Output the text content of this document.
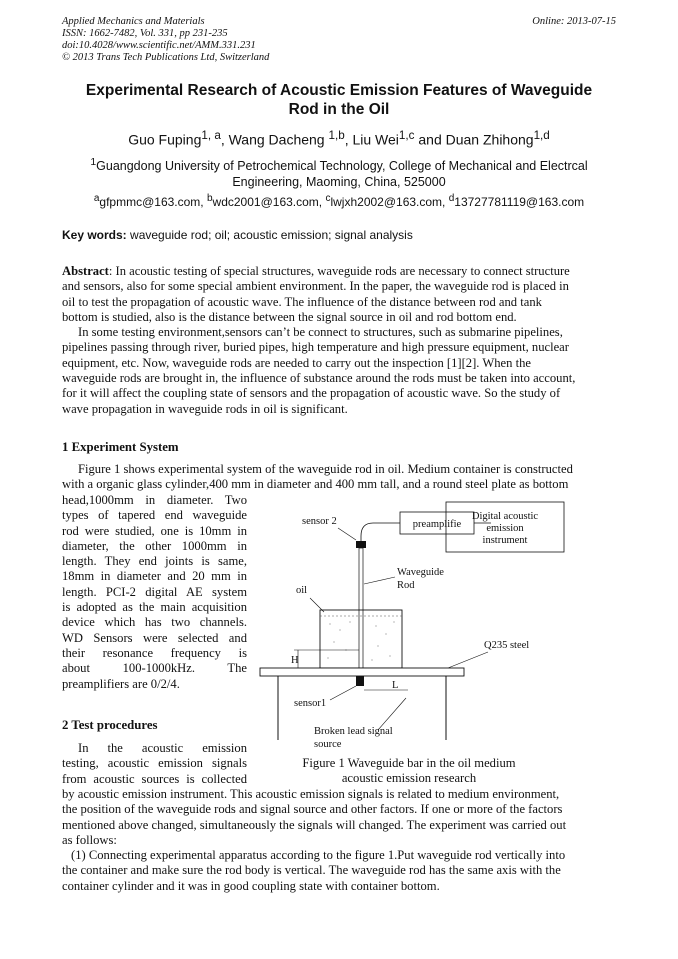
Applied Mechanics and Materials
ISSN: 1662-7482, Vol. 331, pp 231-235
doi:10.4028/www.scientific.net/AMM.331.231
© 2013 Trans Tech Publications Ltd, Switzerland
Online: 2013-07-15
Experimental Research of Acoustic Emission Features of Waveguide
Rod in the Oil
Guo Fuping$^{1, a}$, Wang Dacheng $^{1,b}$, Liu Wei$^{1,c}$ and Duan Zhihong$^{1,d}$
$^1$Guangdong University of Petrochemical Technology, College of Mechanical and Electrcal
Engineering, Maoming, China, 525000
$^a$gfpmmc@163.com, $^b$wdc2001@163.com, $^c$lwjxh2002@163.com, $^d$13727781119@163.com
Key words: waveguide rod; oil; acoustic emission; signal analysis
Abstract: In acoustic testing of special structures, waveguide rods are necessary to connect structure
and sensors, also for some special ambient environment. In the paper, the waveguide rod is placed in
oil to test the propagation of acoustic wave. The influence of the distance between rod and tank
bottom is studied, also is the distance between the signal source in oil and rod bottom end.
In some testing environment,sensors can’t be connect to structures, such as submarine pipelines,
pipelines passing through river, buried pipes, high temperature and high pressure equipment, nuclear
equipment, etc. Now, waveguide rods are needed to carry out the inspection [1][2]. When the
waveguide rods are brought in, the influence of substance around the rods must be taken into account,
for it will affect the coupling state of sensors and the propagation of acoustic wave. So the study of
wave propagation in waveguide rods in oil is significant.
1 Experiment System
Figure 1 shows experimental system of the waveguide rod in oil. Medium container is constructed
with a organic glass cylinder,400 mm in diameter and 400 mm tall, and a round steel plate as bottom
head,1000mm in diameter. Two
types of tapered end waveguide
rod were studied, one is 10mm in
diameter, the other 1000mm in
length. They end joints is same,
18mm in diameter and 20 mm in
length. PCI-2 digital AE system
is adopted as the main acquisition
device which has two channels.
WD Sensors were selected and
their resonance frequency is
about 100-1000kHz. The
preamplifiers are 0/2/4.
2 Test procedures
In the acoustic emission
testing, acoustic emission signals
from acoustic sources is collected
by acoustic emission instrument. This acoustic emission signals is related to medium environment,
the position of the waveguide rods and signal source and other factors. If one or more of the factors
mentioned above changed, simultaneously the signals will changed. The experiment was carried out
as follows:
(1) Connecting experimental apparatus according to the figure 1.Put waveguide rod vertically into
the container and make sure the rod body is vertical. The waveguide rod has the same axis with the
container cylinder and it was in good coupling state with container bottom.
Digital acoustic
emission
instrument
preamplifie
sensor 2
Waveguide
Rod
oil
H
Q235 steel
sensor1
L
Broken lead signal
source
Figure 1 Waveguide bar in the oil medium
acoustic emission research
